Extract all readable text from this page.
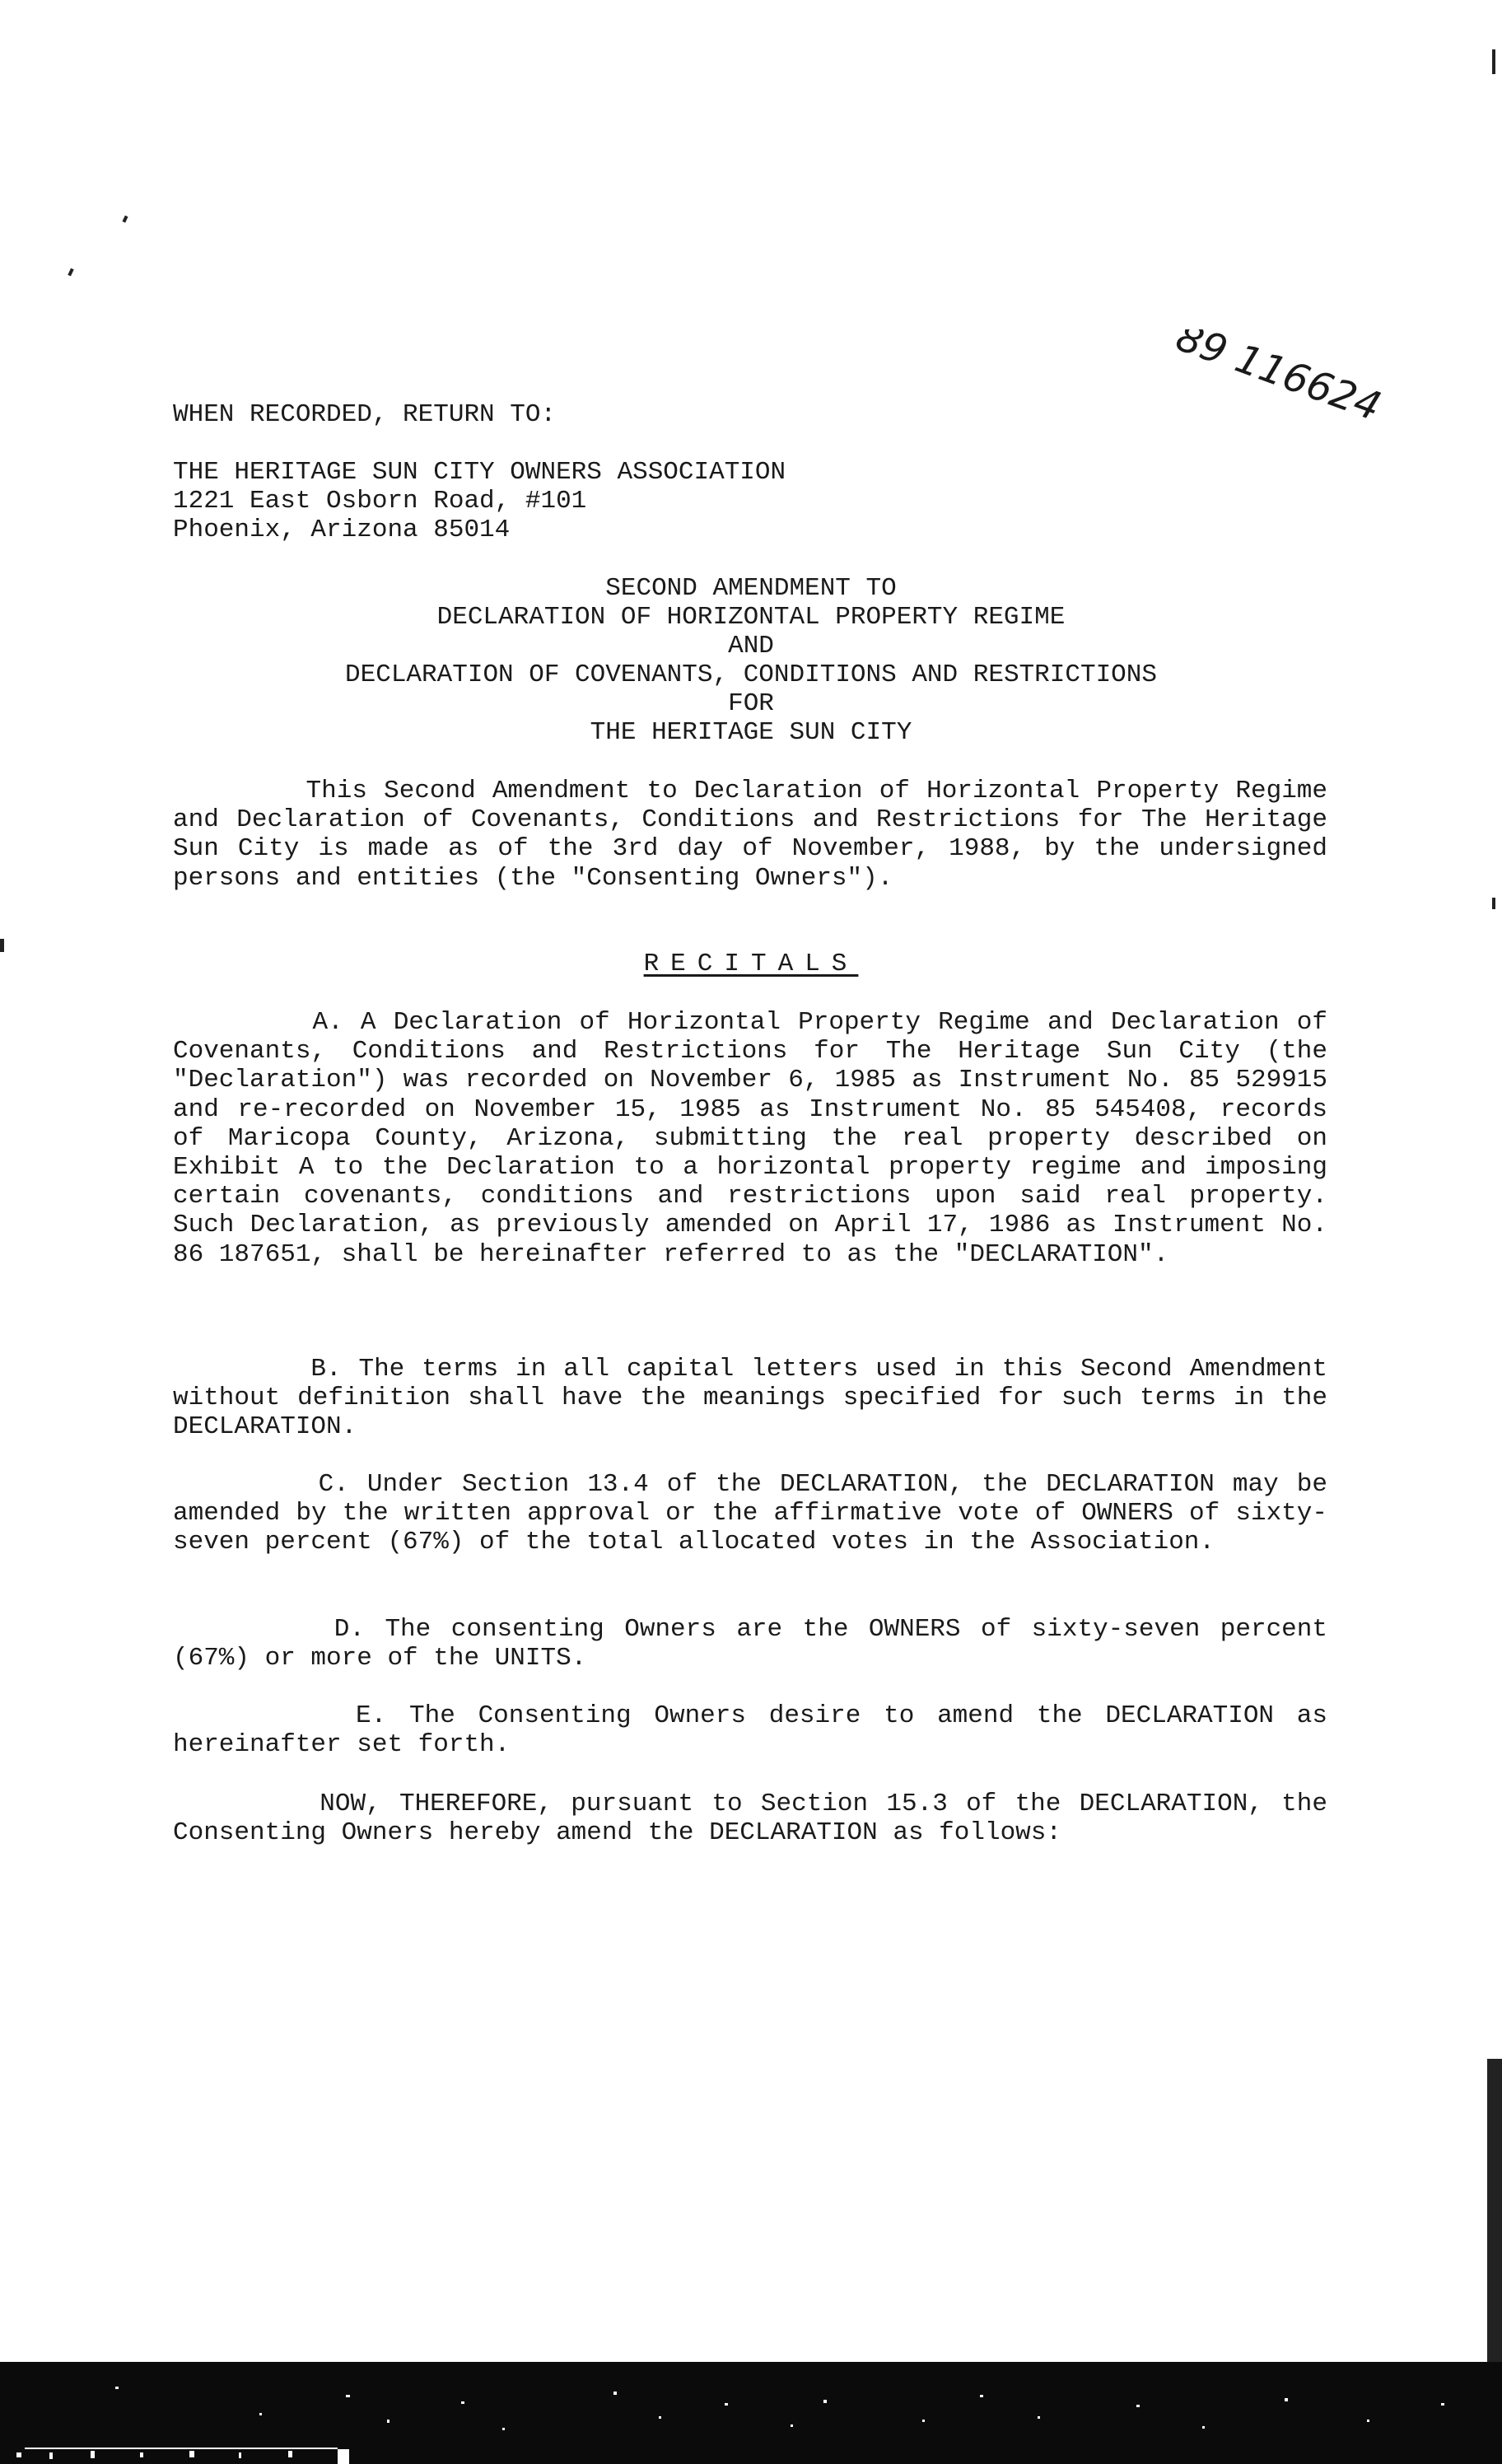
89 116624
WHEN RECORDED, RETURN TO:
THE HERITAGE SUN CITY OWNERS ASSOCIATION
1221 East Osborn Road, #101
Phoenix, Arizona 85014
SECOND AMENDMENT TO
DECLARATION OF HORIZONTAL PROPERTY REGIME
AND
DECLARATION OF COVENANTS, CONDITIONS AND RESTRICTIONS
FOR
THE HERITAGE SUN CITY
This Second Amendment to Declaration of Horizontal Property Regime and Declaration of Covenants, Conditions and Restrictions for The Heritage Sun City is made as of the 3rd day of November, 1988, by the undersigned persons and entities (the "Consenting Owners").
RECITALS
A. A Declaration of Horizontal Property Regime and Declaration of Covenants, Conditions and Restrictions for The Heritage Sun City (the "Declaration") was recorded on November 6, 1985 as Instrument No. 85 529915 and re-recorded on November 15, 1985 as Instrument No. 85 545408, records of Maricopa County, Arizona, submitting the real property described on Exhibit A to the Declaration to a horizontal property regime and imposing certain covenants, conditions and restrictions upon said real property. Such Declaration, as previously amended on April 17, 1986 as Instrument No. 86 187651, shall be hereinafter referred to as the "DECLARATION".
B. The terms in all capital letters used in this Second Amendment without definition shall have the meanings specified for such terms in the DECLARATION.
C. Under Section 13.4 of the DECLARATION, the DECLARATION may be amended by the written approval or the affirmative vote of OWNERS of sixty-seven percent (67%) of the total allocated votes in the Association.
D. The consenting Owners are the OWNERS of sixty-seven percent (67%) or more of the UNITS.
E. The Consenting Owners desire to amend the DECLARATION as hereinafter set forth.
NOW, THEREFORE, pursuant to Section 15.3 of the DECLARATION, the Consenting Owners hereby amend the DECLARATION as follows:
